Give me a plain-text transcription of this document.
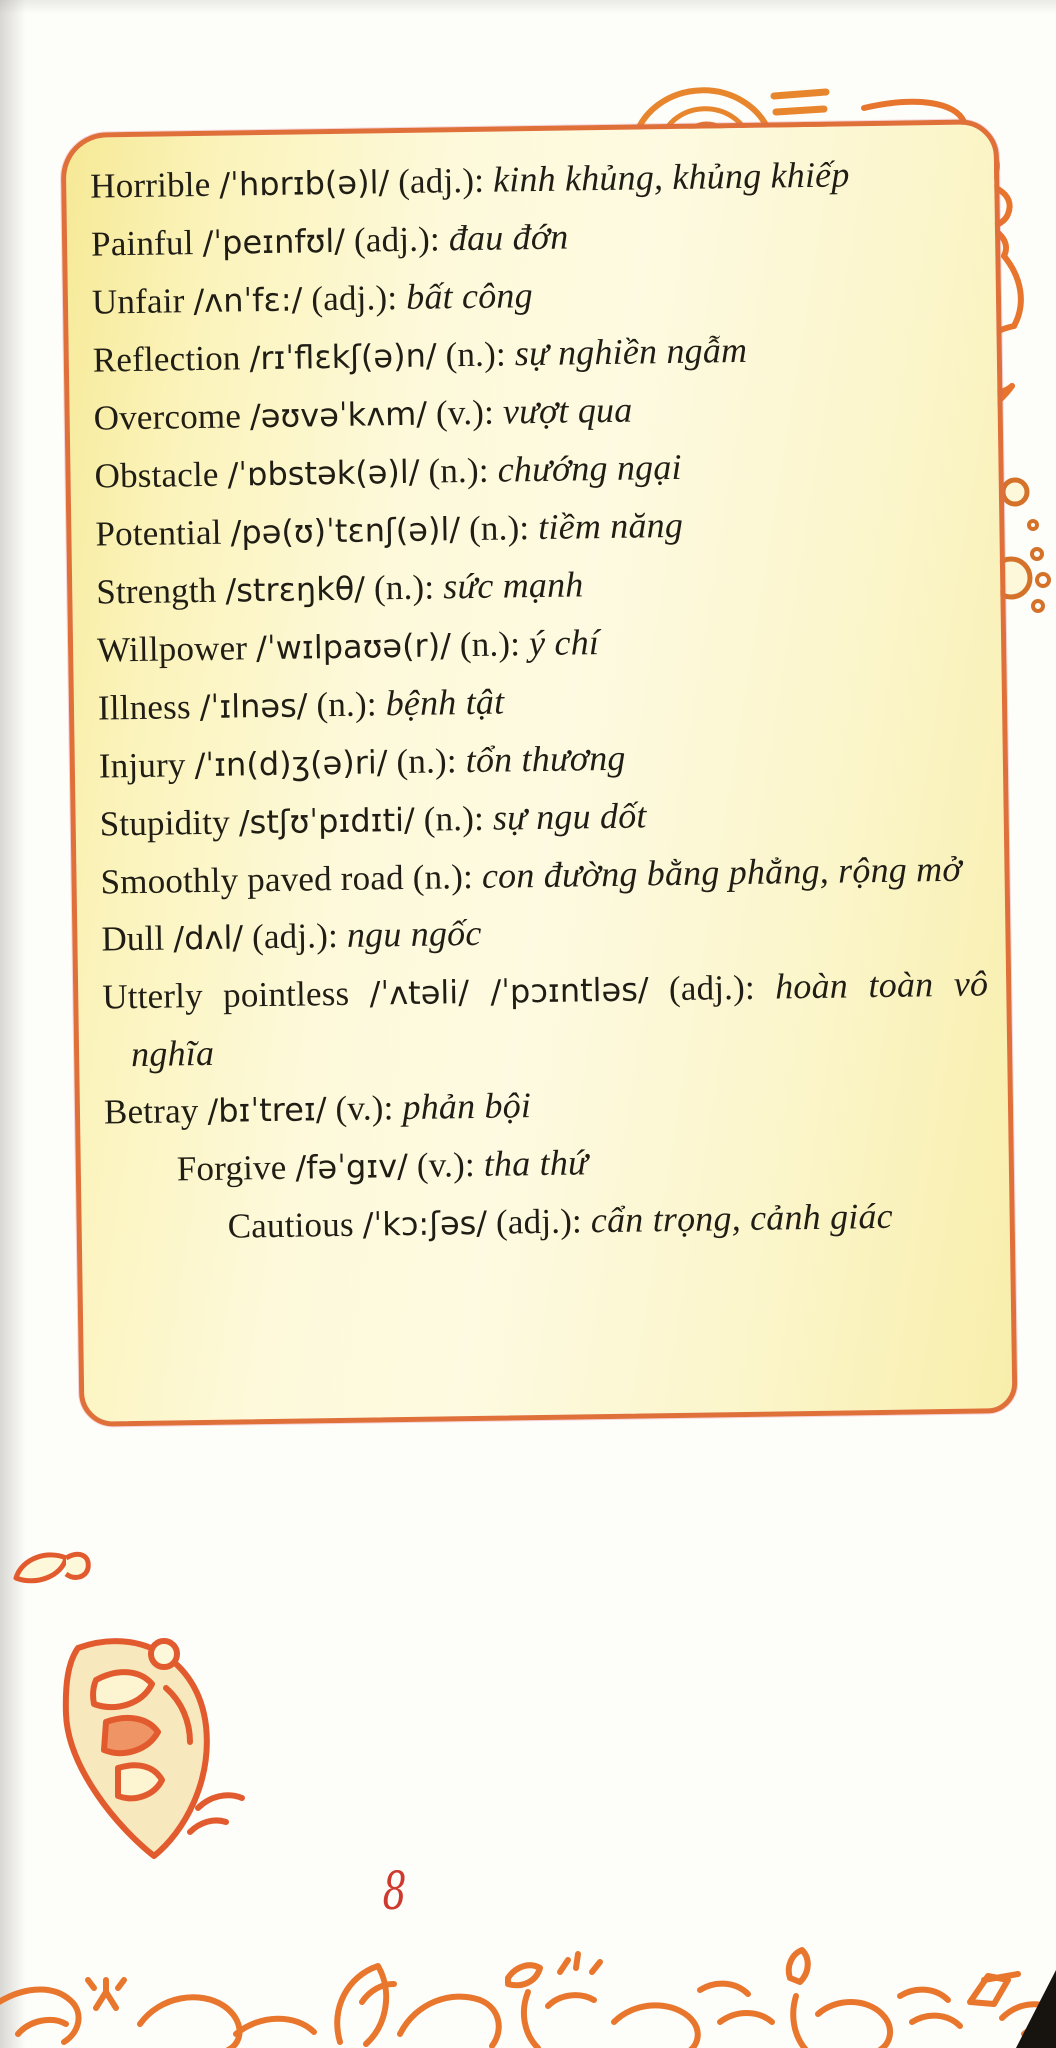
8

Horrible /ˈhɒrɪb(ə)l/ (adj.): kinh khủng, khủng khiếp

Painful /ˈpeɪnfʊl/ (adj.): đau đớn

Unfair /ʌnˈfɛ:/ (adj.): bất công

Reflection /rɪˈflɛkʃ(ə)n/ (n.): sự nghiền ngẫm

Overcome /əʊvəˈkʌm/ (v.): vượt qua

Obstacle /ˈɒbstək(ə)l/ (n.): chướng ngại

Potential /pə(ʊ)ˈtɛnʃ(ə)l/ (n.): tiềm năng

Strength /strɛŋkθ/ (n.): sức mạnh

Willpower /ˈwɪlpaʊə(r)/ (n.): ý chí

Illness /ˈɪlnəs/ (n.): bệnh tật

Injury /ˈɪn(d)ʒ(ə)ri/ (n.): tổn thương

Stupidity /stʃʊˈpɪdɪti/ (n.): sự ngu dốt

Smoothly paved road (n.): con đường bằng phẳng, rộng mở

Dull /dʌl/ (adj.): ngu ngốc

Utterly pointless /ˈʌtəli/ /ˈpɔɪntləs/ (adj.): hoàn toàn vô nghĩa

Betray /bɪˈtreɪ/ (v.): phản bội

Forgive /fəˈgɪv/ (v.): tha thứ

Cautious /ˈkɔ:ʃəs/ (adj.): cẩn trọng, cảnh giác
